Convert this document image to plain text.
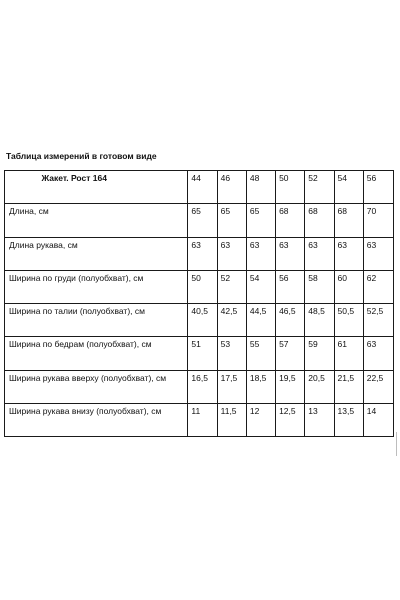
Таблица измерений в готовом виде
Жакет. Рост 164	44	46	48	50	52	54	56
Длина, см	65	65	65	68	68	68	70
Длина рукава, см	63	63	63	63	63	63	63
Ширина по груди (полуобхват), см	50	52	54	56	58	60	62
Ширина по талии (полуобхват), см	40,5	42,5	44,5	46,5	48,5	50,5	52,5
Ширина по бедрам (полуобхват), см	51	53	55	57	59	61	63
Ширина рукава вверху (полуобхват), см	16,5	17,5	18,5	19,5	20,5	21,5	22,5
Ширина рукава внизу (полуобхват), см	11	11,5	12	12,5	13	13,5	14
